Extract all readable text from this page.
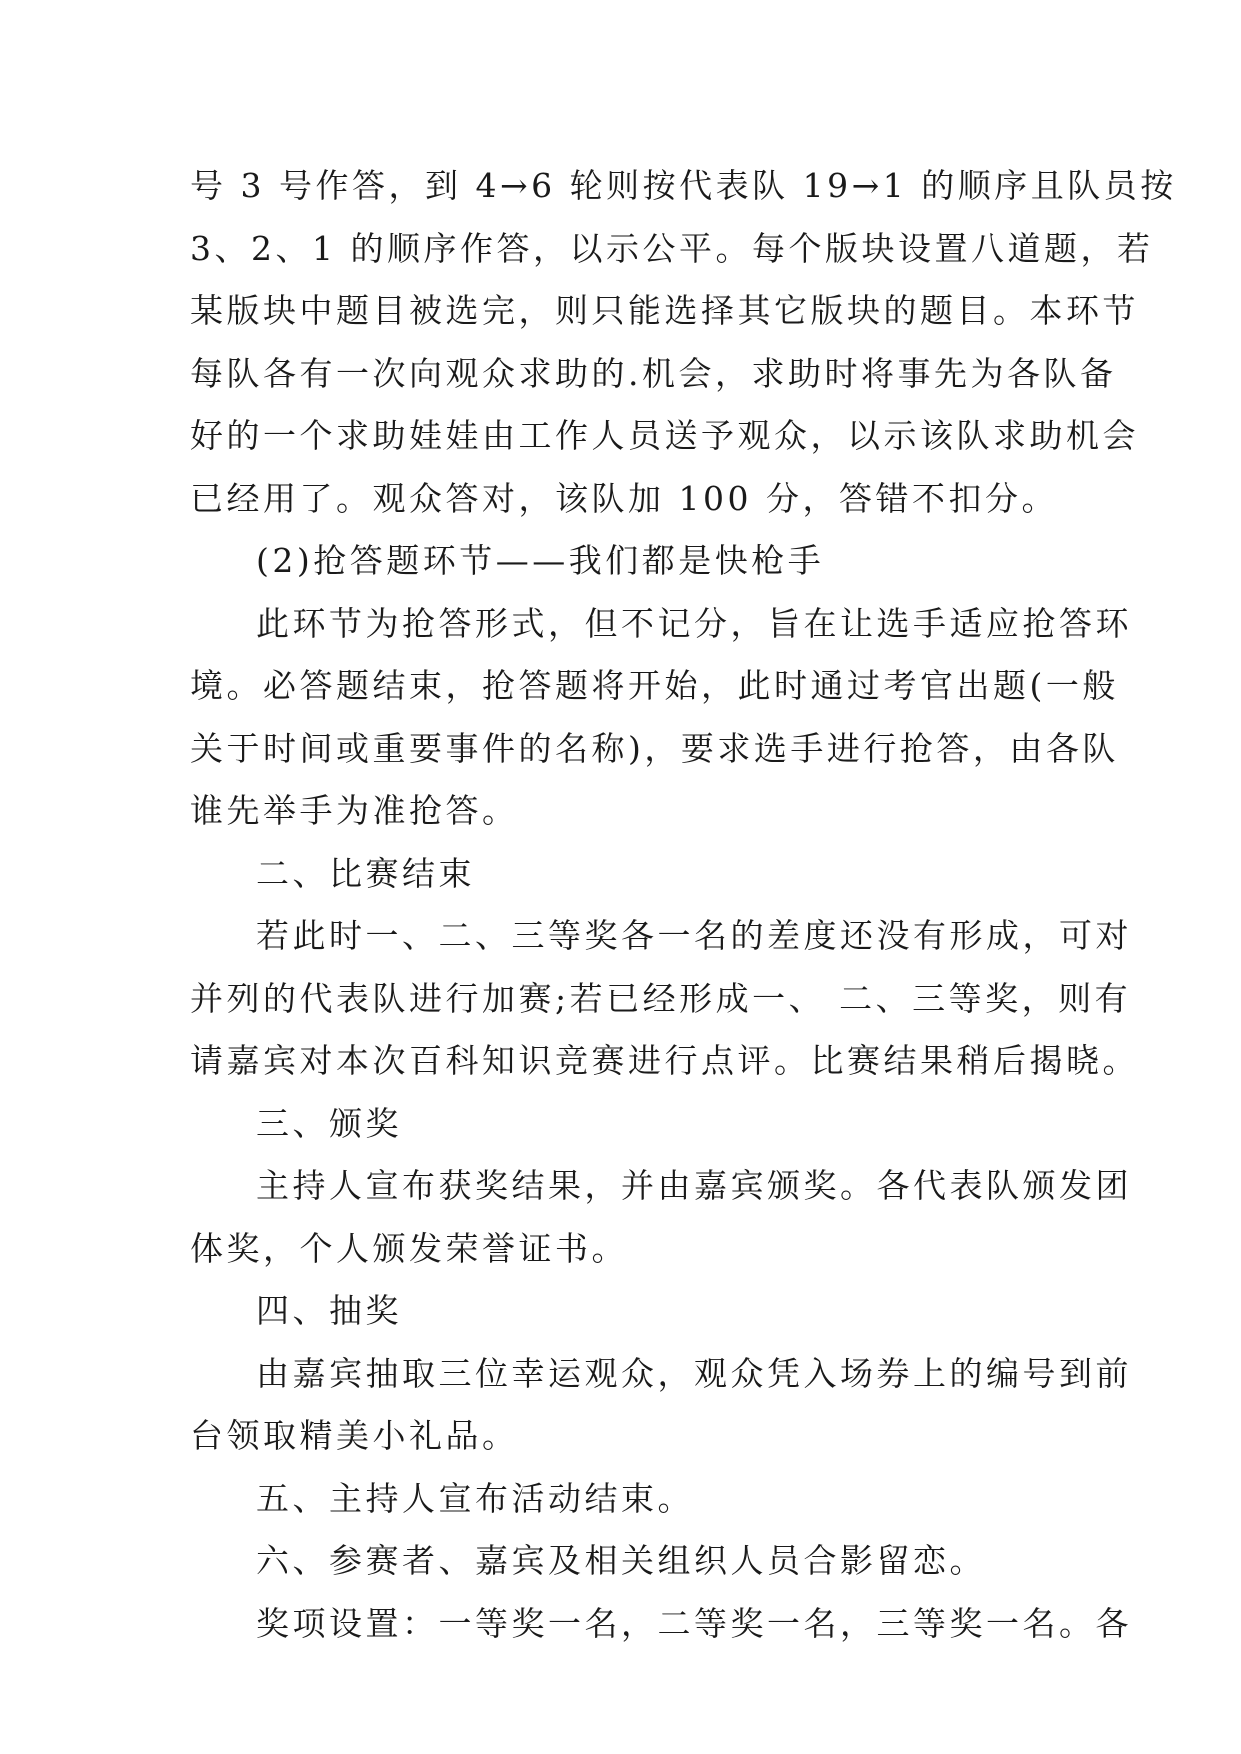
号 3 号作答，到 4→6 轮则按代表队 19→1 的顺序且队员按
3、2、1 的顺序作答，以示公平。每个版块设置八道题，若
某版块中题目被选完，则只能选择其它版块的题目。本环节
每队各有一次向观众求助的.机会，求助时将事先为各队备
好的一个求助娃娃由工作人员送予观众，以示该队求助机会
已经用了。观众答对，该队加 100 分，答错不扣分。
(2)抢答题环节——我们都是快枪手
此环节为抢答形式，但不记分，旨在让选手适应抢答环
境。必答题结束，抢答题将开始，此时通过考官出题(一般
关于时间或重要事件的名称)，要求选手进行抢答，由各队
谁先举手为准抢答。
二、比赛结束
若此时一、二、三等奖各一名的差度还没有形成，可对
并列的代表队进行加赛;若已经形成一、 二、三等奖，则有
请嘉宾对本次百科知识竞赛进行点评。比赛结果稍后揭晓。
三、颁奖
主持人宣布获奖结果，并由嘉宾颁奖。各代表队颁发团
体奖，个人颁发荣誉证书。
四、抽奖
由嘉宾抽取三位幸运观众，观众凭入场券上的编号到前
台领取精美小礼品。
五、主持人宣布活动结束。
六、参赛者、嘉宾及相关组织人员合影留恋。
奖项设置：一等奖一名，二等奖一名，三等奖一名。各
